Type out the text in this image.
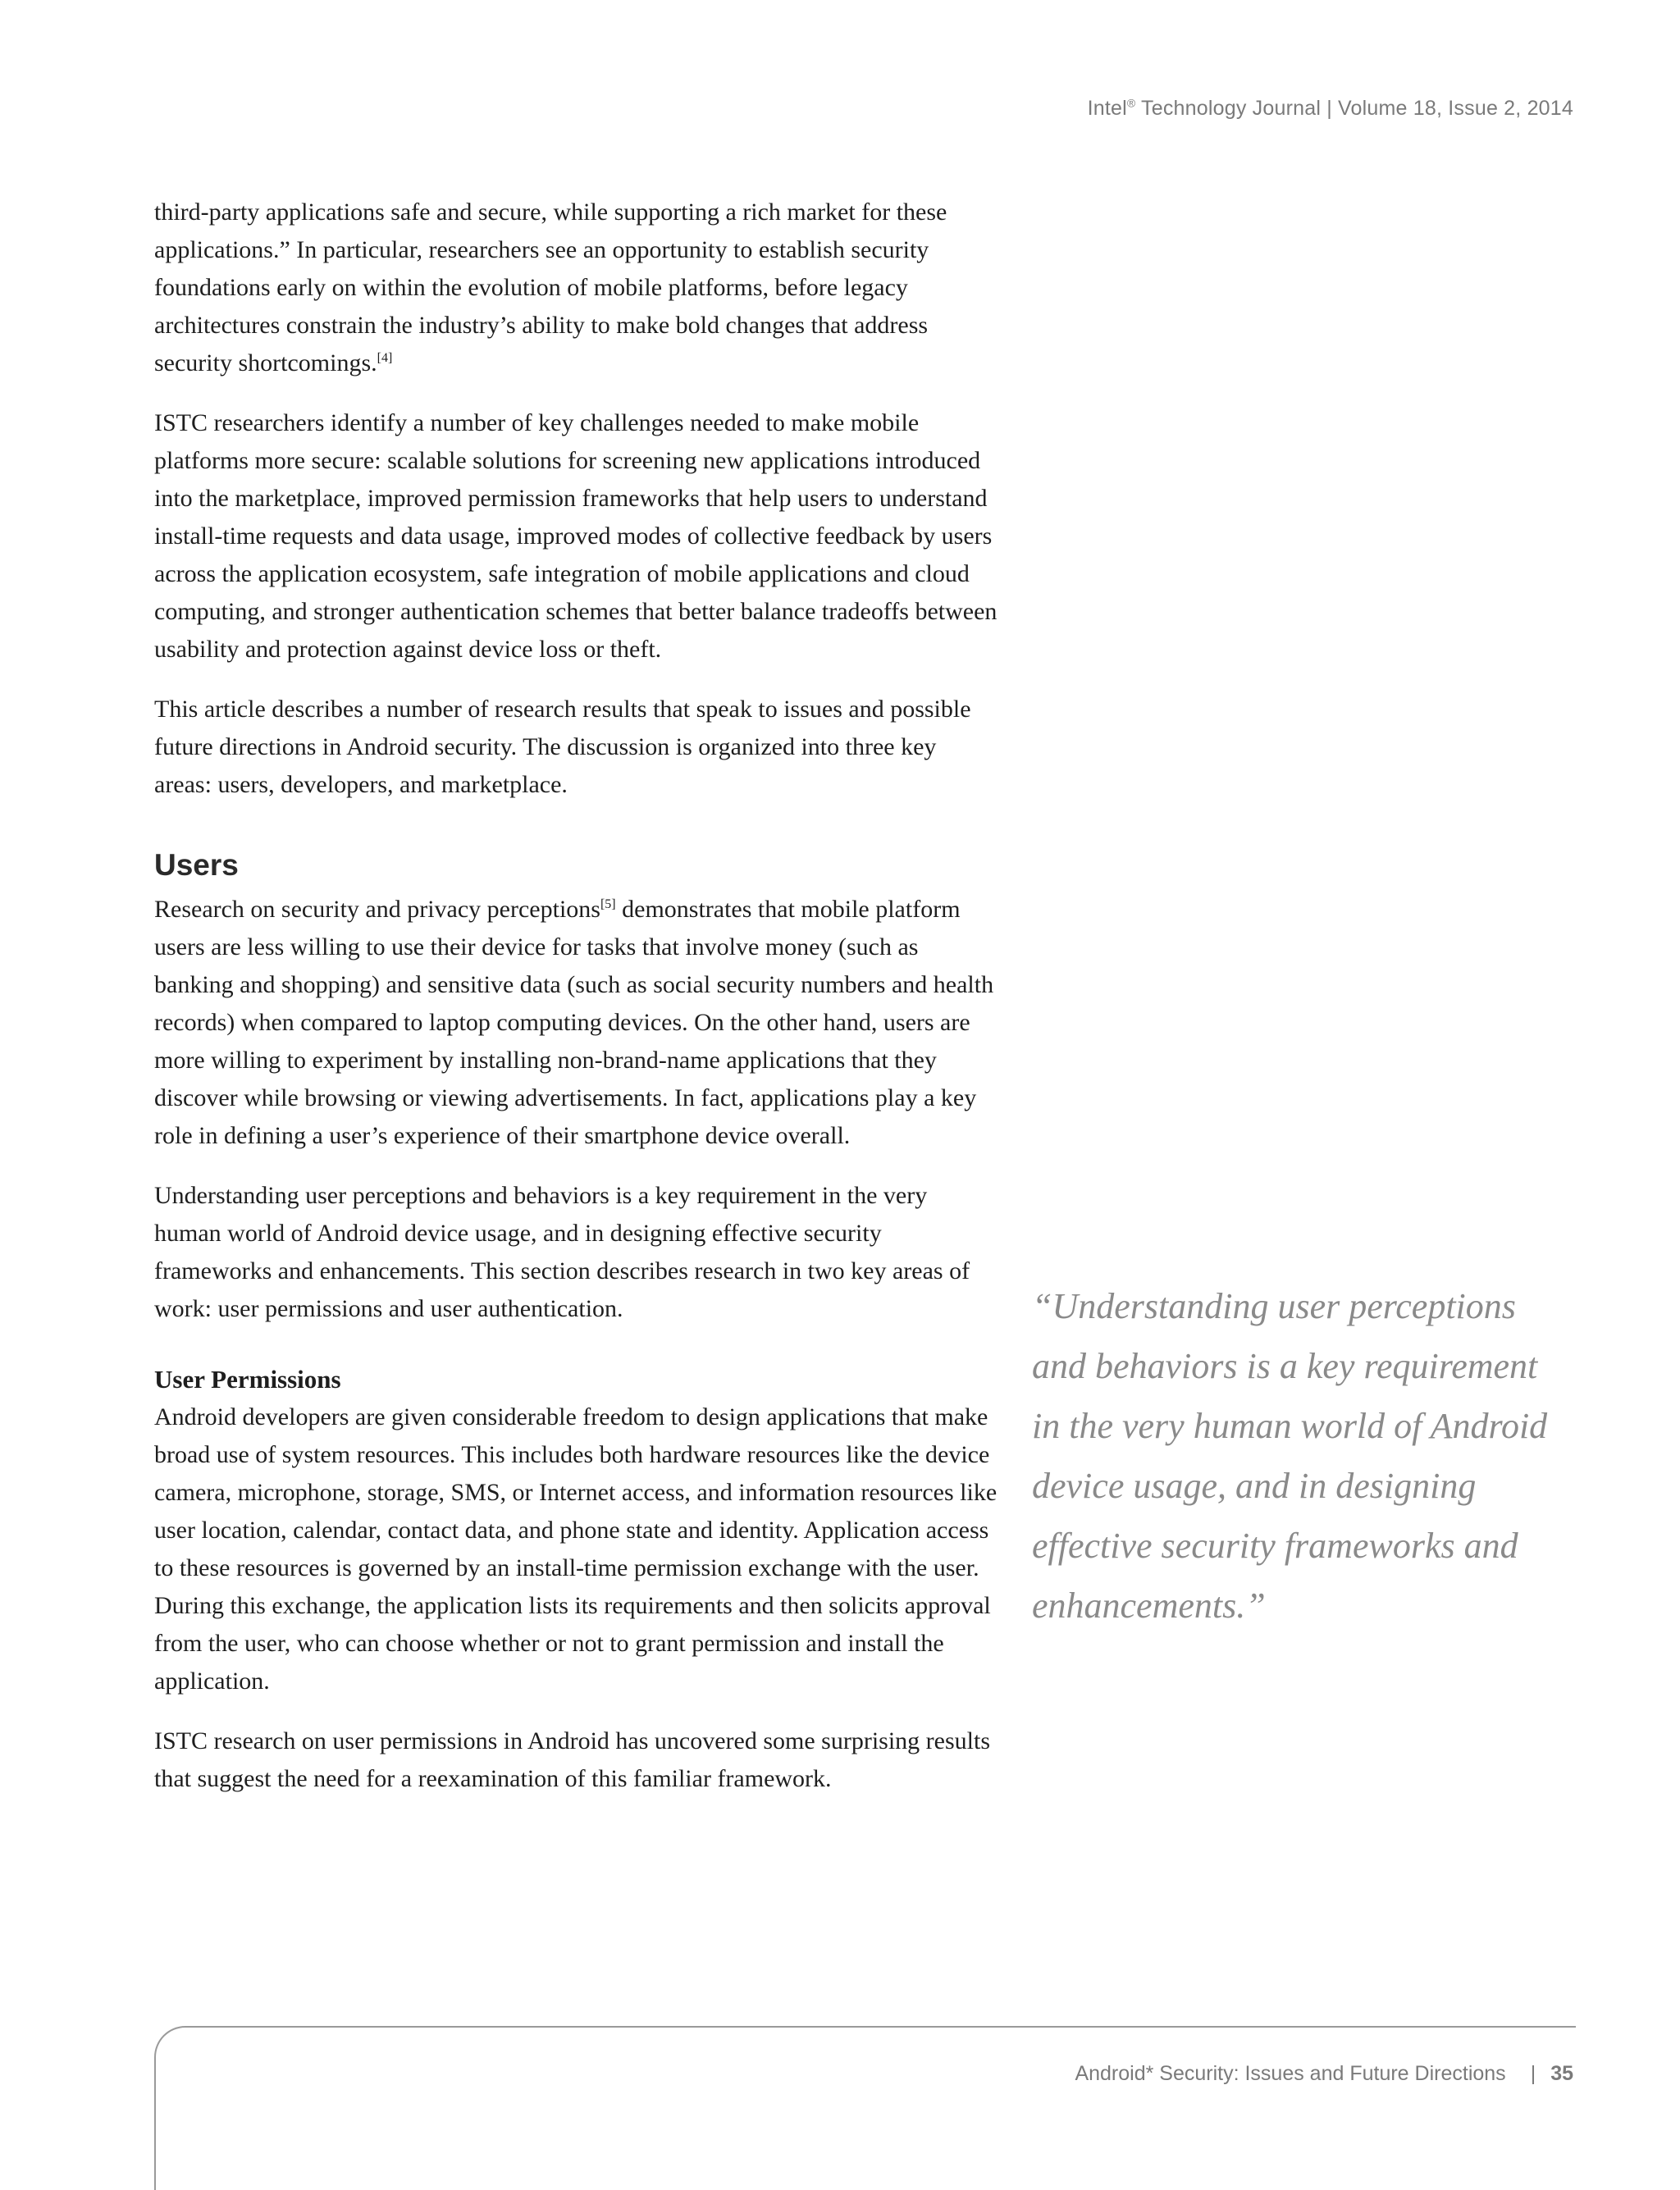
Intel® Technology Journal | Volume 18, Issue 2, 2014

third-party applications safe and secure, while supporting a rich market for these applications.” In particular, researchers see an opportunity to establish security foundations early on within the evolution of mobile platforms, before legacy architectures constrain the industry’s ability to make bold changes that address security shortcomings.[4]

ISTC researchers identify a number of key challenges needed to make mobile platforms more secure: scalable solutions for screening new applications introduced into the marketplace, improved permission frameworks that help users to understand install-time requests and data usage, improved modes of collective feedback by users across the application ecosystem, safe integration of mobile applications and cloud computing, and stronger authentication schemes that better balance tradeoffs between usability and protection against device loss or theft.

This article describes a number of research results that speak to issues and possible future directions in Android security. The discussion is organized into three key areas: users, developers, and marketplace.

Users

Research on security and privacy perceptions[5] demonstrates that mobile platform users are less willing to use their device for tasks that involve money (such as banking and shopping) and sensitive data (such as social security numbers and health records) when compared to laptop computing devices. On the other hand, users are more willing to experiment by installing non-brand-name applications that they discover while browsing or viewing advertisements. In fact, applications play a key role in defining a user’s experience of their smartphone device overall.

Understanding user perceptions and behaviors is a key requirement in the very human world of Android device usage, and in designing effective security frameworks and enhancements. This section describes research in two key areas of work: user permissions and user authentication.

User Permissions

Android developers are given considerable freedom to design applications that make broad use of system resources. This includes both hardware resources like the device camera, microphone, storage, SMS, or Internet access, and information resources like user location, calendar, contact data, and phone state and identity. Application access to these resources is governed by an install-time permission exchange with the user. During this exchange, the application lists its requirements and then solicits approval from the user, who can choose whether or not to grant permission and install the application.

ISTC research on user permissions in Android has uncovered some surprising results that suggest the need for a reexamination of this familiar framework.

“Understanding user perceptions and behaviors is a key requirement in the very human world of Android device usage, and in designing effective security frameworks and enhancements.”
Android* Security: Issues and Future Directions | 35
